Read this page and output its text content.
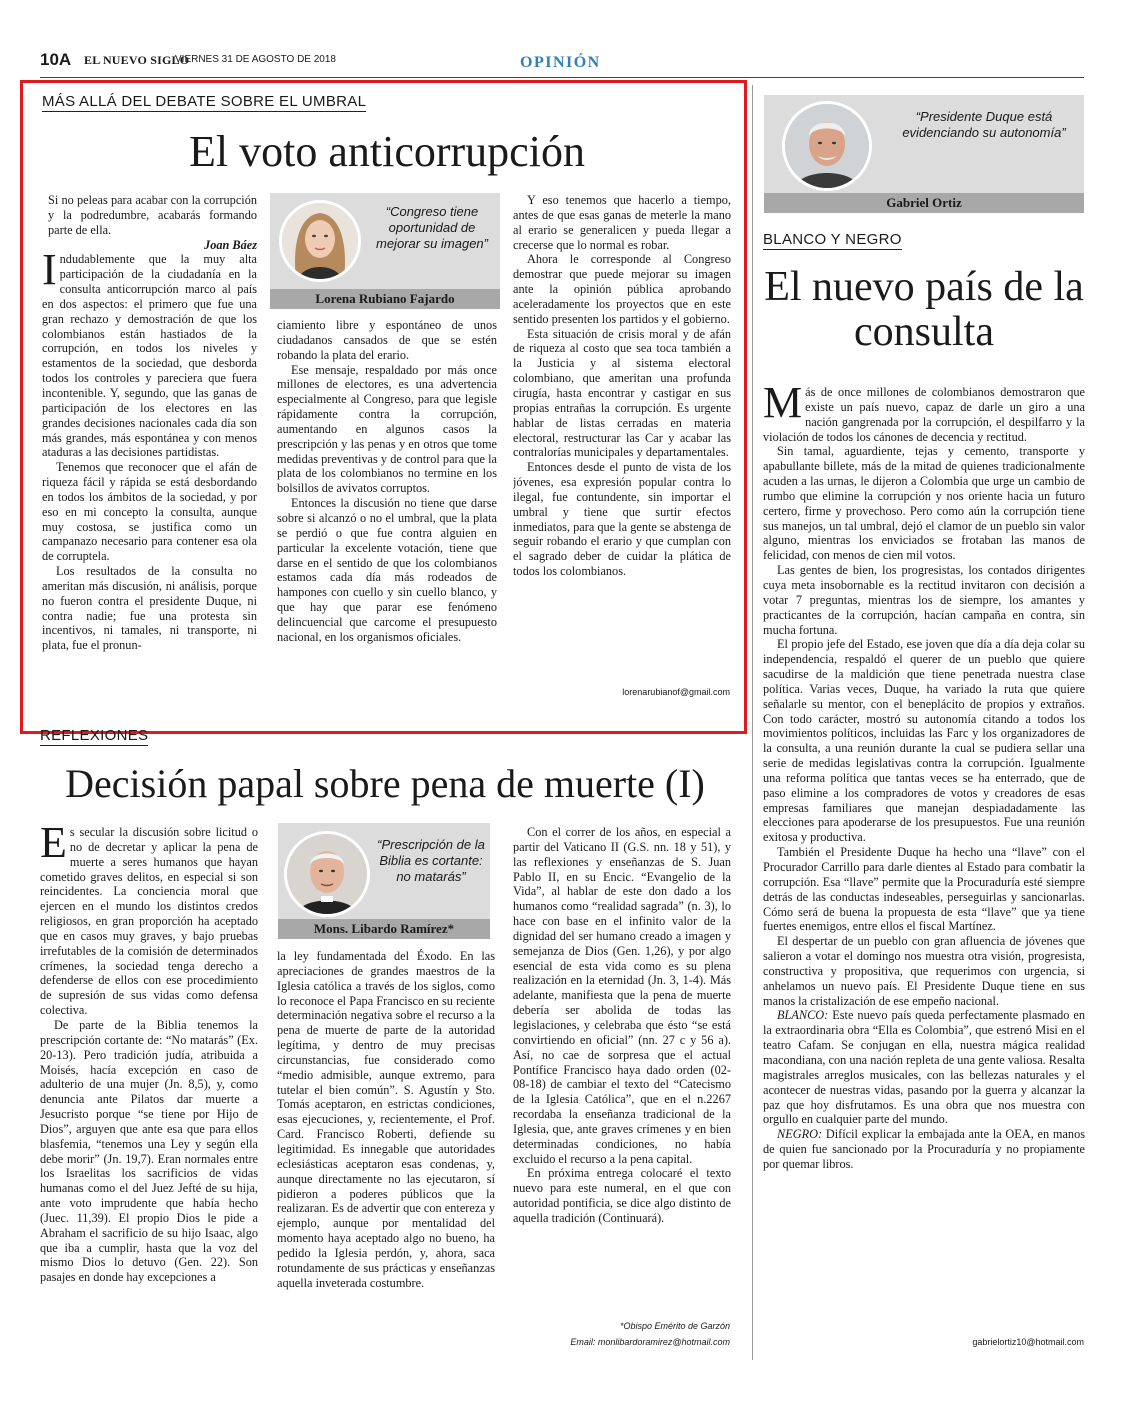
10A EL NUEVO SIGLO
VIERNES 31 DE AGOSTO DE 2018	OPINIÓN
MÁS ALLÁ DEL DEBATE SOBRE EL UMBRAL
El voto anticorrupción

Si no peleas para acabar con la corrupción y la podredumbre, acabarás formando parte de ella.

Joan Báez

Indudablemente que la muy alta participación de la ciudadanía en la consulta anticorrupción marco al país en dos aspectos: el primero que fue una gran rechazo y demostración de que los colombianos están hastiados de la corrupción, en todos los niveles y estamentos de la sociedad, que desborda todos los controles y pareciera que fuera incontenible. Y, segundo, que las ganas de participación de los electores en las grandes decisiones nacionales cada día son más grandes, más espontánea y con menos ataduras a las decisiones partidistas.

Tenemos que reconocer que el afán de riqueza fácil y rápida se está desbordando en todos los ámbitos de la sociedad, y por eso en mi concepto la consulta, aunque muy costosa, se justifica como un campanazo necesario para contener esa ola de corruptela.

Los resultados de la consulta no ameritan más discusión, ni análisis, porque no fueron contra el presidente Duque, ni contra nadie; fue una protesta sin incentivos, ni tamales, ni transporte, ni plata, fue el pronun-

“Congreso tiene oportunidad de mejorar su imagen”
Lorena Rubiano Fajardo

ciamiento libre y espontáneo de unos ciudadanos cansados de que se estén robando la plata del erario.

Ese mensaje, respaldado por más once millones de electores, es una advertencia especialmente al Congreso, para que legisle rápidamente contra la corrupción, aumentando en algunos casos la prescripción y las penas y en otros que tome medidas preventivas y de control para que la plata de los colombianos no termine en los bolsillos de avivatos corruptos.

Entonces la discusión no tiene que darse sobre si alcanzó o no el umbral, que la plata se perdió o que fue contra alguien en particular la excelente votación, tiene que darse en el sentido de que los colombianos estamos cada día más rodeados de hampones con cuello y sin cuello blanco, y que hay que parar ese fenómeno delincuencial que carcome el presupuesto nacional, en los organismos oficiales.

Y eso tenemos que hacerlo a tiempo, antes de que esas ganas de meterle la mano al erario se generalicen y pueda llegar a crecerse que lo normal es robar.

Ahora le corresponde al Congreso demostrar que puede mejorar su imagen ante la opinión pública aprobando aceleradamente los proyectos que en este sentido presenten los partidos y el gobierno.

Esta situación de crisis moral y de afán de riqueza al costo que sea toca también a la Justicia y al sistema electoral colombiano, que ameritan una profunda cirugía, hasta encontrar y castigar en sus propias entrañas la corrupción. Es urgente hablar de listas cerradas en materia electoral, restructurar las Car y acabar las contralorías municipales y departamentales.

Entonces desde el punto de vista de los jóvenes, esa expresión popular contra lo ilegal, fue contundente, sin importar el umbral y tiene que surtir efectos inmediatos, para que la gente se abstenga de seguir robando el erario y que cumplan con el sagrado deber de cuidar la plática de todos los colombianos.

lorenarubianof@gmail.com
REFLEXIONES
Decisión papal sobre pena de muerte (I)

Es secular la discusión sobre licitud o no de decretar y aplicar la pena de muerte a seres humanos que hayan cometido graves delitos, en especial si son reincidentes. La conciencia moral que ejercen en el mundo los distintos credos religiosos, en gran proporción ha aceptado que en casos muy graves, y bajo pruebas irrefutables de la comisión de determinados crímenes, la sociedad tenga derecho a defenderse de ellos con ese procedimiento de supresión de sus vidas como defensa colectiva.

De parte de la Biblia tenemos la prescripción cortante de: “No matarás” (Ex. 20-13). Pero tradición judía, atribuida a Moisés, hacía excepción en caso de adulterio de una mujer (Jn. 8,5), y, como denuncia ante Pilatos dar muerte a Jesucristo porque “se tiene por Hijo de Dios”, arguyen que ante esa que para ellos blasfemia, “tenemos una Ley y según ella debe morir” (Jn. 19,7). Eran normales entre los Israelitas los sacrificios de vidas humanas como el del Juez Jefté de su hija, ante voto imprudente que había hecho (Juec. 11,39). El propio Dios le pide a Abraham el sacrificio de su hijo Isaac, algo que iba a cumplir, hasta que la voz del mismo Dios lo detuvo (Gen. 22). Son pasajes en donde hay excepciones a

“Prescripción de la Biblia es cortante: no matarás”
Mons. Libardo Ramírez*

la ley fundamentada del Éxodo. En las apreciaciones de grandes maestros de la Iglesia católica a través de los siglos, como lo reconoce el Papa Francisco en su reciente determinación negativa sobre el recurso a la pena de muerte de parte de la autoridad legítima, y dentro de muy precisas circunstancias, fue considerado como “medio admisible, aunque extremo, para tutelar el bien común”. S. Agustín y Sto. Tomás aceptaron, en estrictas condiciones, esas ejecuciones, y, recientemente, el Prof. Card. Francisco Roberti, defiende su legitimidad. Es innegable que autoridades eclesiásticas aceptaron esas condenas, y, aunque directamente no las ejecutaron, sí pidieron a poderes públicos que la realizaran. Es de advertir que con entereza y ejemplo, aunque por mentalidad del momento haya aceptado algo no bueno, ha pedido la Iglesia perdón, y, ahora, saca rotundamente de sus prácticas y enseñanzas aquella inveterada costumbre.

Con el correr de los años, en especial a partir del Vaticano II (G.S. nn. 18 y 51), y las reflexiones y enseñanzas de S. Juan Pablo II, en su Encic. “Evangelio de la Vida”, al hablar de este don dado a los humanos como “realidad sagrada” (n. 3), lo hace con base en el infinito valor de la dignidad del ser humano creado a imagen y semejanza de Dios (Gen. 1,26), y por algo esencial de esta vida como es su plena realización en la eternidad (Jn. 3, 1-4). Más adelante, manifiesta que la pena de muerte debería ser abolida de todas las legislaciones, y celebraba que ésto “se está convirtiendo en oficial” (nn. 27 c y 56 a). Así, no cae de sorpresa que el actual Pontífice Francisco haya dado orden (02-08-18) de cambiar el texto del “Catecismo de la Iglesia Católica”, que en el n.2267 recordaba la enseñanza tradicional de la Iglesia, que, ante graves crímenes y en bien determinadas condiciones, no había excluido el recurso a la pena capital.

En próxima entrega colocaré el texto nuevo para este numeral, en el que con autoridad pontificia, se dice algo distinto de aquella tradición (Continuará).

*Obispo Emérito de Garzón
Email: monlibardoramirez@hotmail.com
“Presidente Duque está evidenciando su autonomía”
Gabriel Ortiz
BLANCO Y NEGRO
El nuevo país de la consulta

Más de once millones de colombianos demostraron que existe un país nuevo, capaz de darle un giro a una nación gangrenada por la corrupción, el despilfarro y la violación de todos los cánones de decencia y rectitud.

Sin tamal, aguardiente, tejas y cemento, transporte y apabullante billete, más de la mitad de quienes tradicionalmente acuden a las urnas, le dijeron a Colombia que urge un cambio de rumbo que elimine la corrupción y nos oriente hacia un futuro certero, firme y provechoso. Pero como aún la corrupción tiene sus manejos, un tal umbral, dejó el clamor de un pueblo sin valor alguno, mientras los enviciados se frotaban las manos de felicidad, con menos de cien mil votos.

Las gentes de bien, los progresistas, los contados dirigentes cuya meta insobornable es la rectitud invitaron con decisión a votar 7 preguntas, mientras los de siempre, los amantes y practicantes de la corrupción, hacían campaña en contra, sin mucha fortuna.

El propio jefe del Estado, ese joven que día a día deja colar su independencia, respaldó el querer de un pueblo que quiere sacudirse de la maldición que tiene penetrada nuestra clase política. Varias veces, Duque, ha variado la ruta que quiere señalarle su mentor, con el beneplácito de propios y extraños. Con todo carácter, mostró su autonomía citando a todos los movimientos políticos, incluidas las Farc y los organizadores de la consulta, a una reunión durante la cual se pudiera sellar una serie de medidas legislativas contra la corrupción. Igualmente una reforma política que tantas veces se ha enterrado, que de paso elimine a los compradores de votos y creadores de esas empresas familiares que manejan despiadadamente las elecciones para apoderarse de los presupuestos. Fue una reunión exitosa y productiva.

También el Presidente Duque ha hecho una “llave” con el Procurador Carrillo para darle dientes al Estado para combatir la corrupción. Esa “llave” permite que la Procuraduría esté siempre detrás de las conductas indeseables, perseguirlas y sancionarlas. Cómo será de buena la propuesta de esta “llave” que ya tiene fuertes enemigos, entre ellos el fiscal Martínez.

El despertar de un pueblo con gran afluencia de jóvenes que salieron a votar el domingo nos muestra otra visión, progresista, constructiva y propositiva, que requerimos con urgencia, si anhelamos un nuevo país. El Presidente Duque tiene en sus manos la cristalización de ese empeño nacional.

BLANCO: Este nuevo país queda perfectamente plasmado en la extraordinaria obra “Ella es Colombia”, que estrenó Misi en el teatro Cafam. Se conjugan en ella, nuestra mágica realidad macondiana, con una nación repleta de una gente valiosa. Resalta magistrales arreglos musicales, con las bellezas naturales y el acontecer de nuestras vidas, pasando por la guerra y alcanzar la paz que hoy disfrutamos. Es una obra que nos muestra con orgullo en cualquier parte del mundo.

NEGRO: Difícil explicar la embajada ante la OEA, en manos de quien fue sancionado por la Procuraduría y no propiamente por quemar libros.

gabrielortiz10@hotmail.com
